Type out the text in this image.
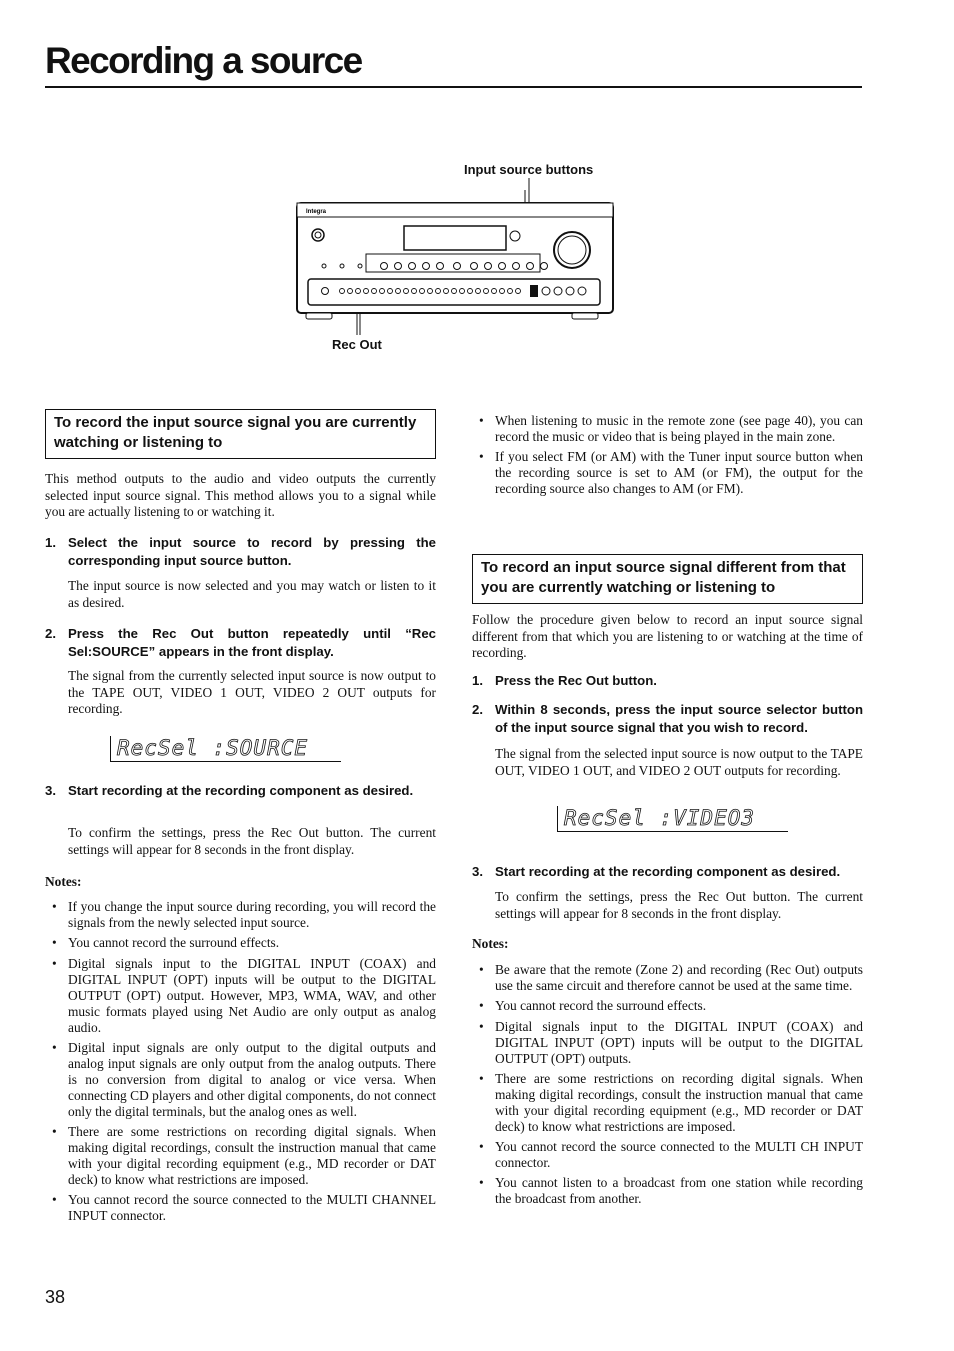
Recording a source
Input source buttons
Rec Out
Integra
To record the input source signal you are currently watching or listening to

This method outputs to the audio and video outputs the currently selected input source signal. This method allows you to a signal while you are actually listening to or watching it.

1. Select the input source to record by pressing the corresponding input source button.

The input source is now selected and you may watch or listen to it as desired.

2. Press the Rec Out button repeatedly until “Rec Sel:SOURCE” appears in the front display.

The signal from the currently selected input source is now output to the TAPE OUT, VIDEO 1 OUT, VIDEO 2 OUT outputs for recording.

RecSel :SOURCE
3. Start recording at the recording component as desired.

To confirm the settings, press the Rec Out button. The current settings will appear for 8 seconds in the front display.

Notes:
• If you change the input source during recording, you will record the signals from the newly selected input source.
• You cannot record the surround effects.
• Digital signals input to the DIGITAL INPUT (COAX) and DIGITAL INPUT (OPT) inputs will be output to the DIGITAL OUTPUT (OPT) output. However, MP3, WMA, WAV, and other music formats played using Net Audio are only output as analog audio.
• Digital input signals are only output to the digital outputs and analog input signals are only output from the analog outputs. There is no conversion from digital to analog or vice versa. When connecting CD players and other digital components, do not connect only the digital terminals, but the analog ones as well.
• There are some restrictions on recording digital signals. When making digital recordings, consult the instruction manual that came with your digital recording equipment (e.g., MD recorder or DAT deck) to know what restrictions are imposed.
• You cannot record the source connected to the MULTI CHANNEL INPUT connector.
• When listening to music in the remote zone (see page 40), you can record the music or video that is being played in the main zone.
• If you select FM (or AM) with the Tuner input source button when the recording source is set to AM (or FM), the output for the recording source also changes to AM (or FM).
To record an input source signal different from that you are currently watching or listening to

Follow the procedure given below to record an input source signal different from that which you are listening to or watching at the time of recording.

1. Press the Rec Out button.
2. Within 8 seconds, press the input source selector button of the input source signal that you wish to record.

The signal from the selected input source is now output to the TAPE OUT, VIDEO 1 OUT, and VIDEO 2 OUT outputs for recording.

RecSel :VIDEO3
3. Start recording at the recording component as desired.

To confirm the settings, press the Rec Out button. The current settings will appear for 8 seconds in the front display.

Notes:
• Be aware that the remote (Zone 2) and recording (Rec Out) outputs use the same circuit and therefore cannot be used at the same time.
• You cannot record the surround effects.
• Digital signals input to the DIGITAL INPUT (COAX) and DIGITAL INPUT (OPT) inputs will be output to the DIGITAL OUTPUT (OPT) outputs.
• There are some restrictions on recording digital signals. When making digital recordings, consult the instruction manual that came with your digital recording equipment (e.g., MD recorder or DAT deck) to know what restrictions are imposed.
• You cannot record the source connected to the MULTI CH INPUT connector.
• You cannot listen to a broadcast from one station while recording the broadcast from another.
38
